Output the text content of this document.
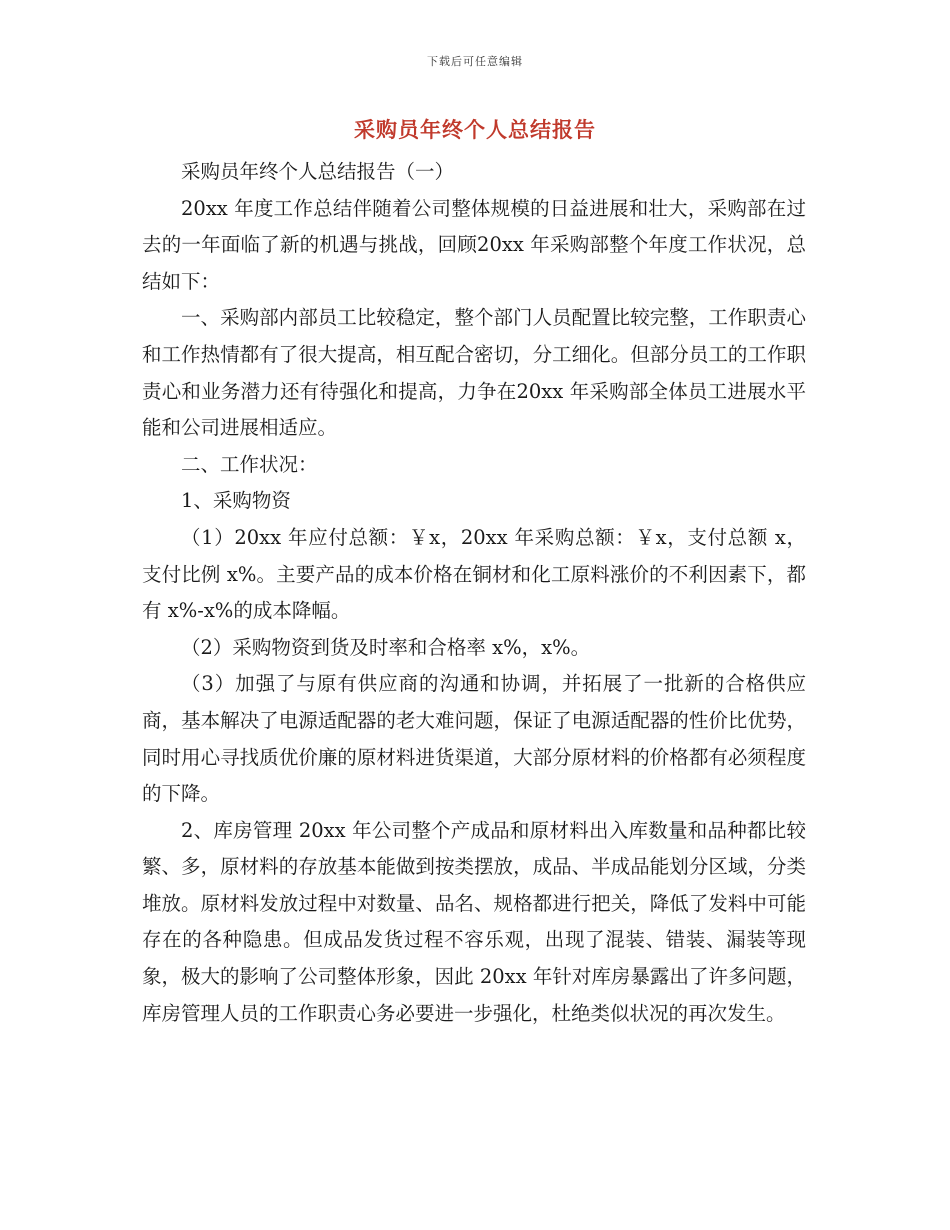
下载后可任意编辑
采购员年终个人总结报告

采购员年终个人总结报告（一）

20xx 年度工作总结伴随着公司整体规模的日益进展和壮大，采购部在过去的一年面临了新的机遇与挑战，回顾20xx 年采购部整个年度工作状况，总结如下：

一、采购部内部员工比较稳定，整个部门人员配置比较完整，工作职责心和工作热情都有了很大提高，相互配合密切，分工细化。但部分员工的工作职责心和业务潜力还有待强化和提高，力争在20xx 年采购部全体员工进展水平能和公司进展相适应。

二、工作状况：

1、采购物资

（1）20xx 年应付总额：￥x，20xx 年采购总额：￥x，支付总额 x，支付比例 x%。主要产品的成本价格在铜材和化工原料涨价的不利因素下，都有 x%-x%的成本降幅。

（2）采购物资到货及时率和合格率 x%，x%。

（3）加强了与原有供应商的沟通和协调，并拓展了一批新的合格供应商，基本解决了电源适配器的老大难问题，保证了电源适配器的性价比优势，同时用心寻找质优价廉的原材料进货渠道，大部分原材料的价格都有必须程度的下降。

2、库房管理 20xx 年公司整个产成品和原材料出入库数量和品种都比较繁、多，原材料的存放基本能做到按类摆放，成品、半成品能划分区域，分类堆放。原材料发放过程中对数量、品名、规格都进行把关，降低了发料中可能存在的各种隐患。但成品发货过程不容乐观，出现了混装、错装、漏装等现象，极大的影响了公司整体形象，因此 20xx 年针对库房暴露出了许多问题，库房管理人员的工作职责心务必要进一步强化，杜绝类似状况的再次发生。
